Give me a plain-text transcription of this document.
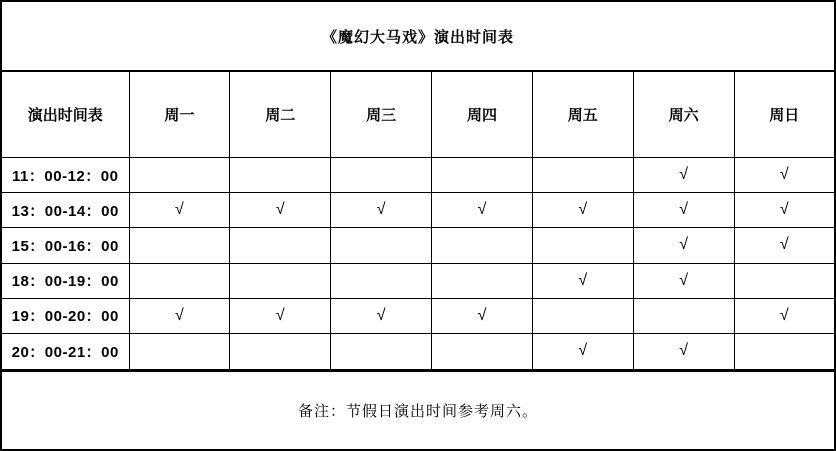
《魔幻大马戏》演出时间表							
演出时间表	周一	周二	周三	周四	周五	周六	周日
11：00-12：00						√	√
13：00-14：00	√	√	√	√	√	√	√
15：00-16：00						√	√
18：00-19：00					√	√	
19：00-20：00	√	√	√	√			√
20：00-21：00					√	√	
备注：节假日演出时间参考周六。							
